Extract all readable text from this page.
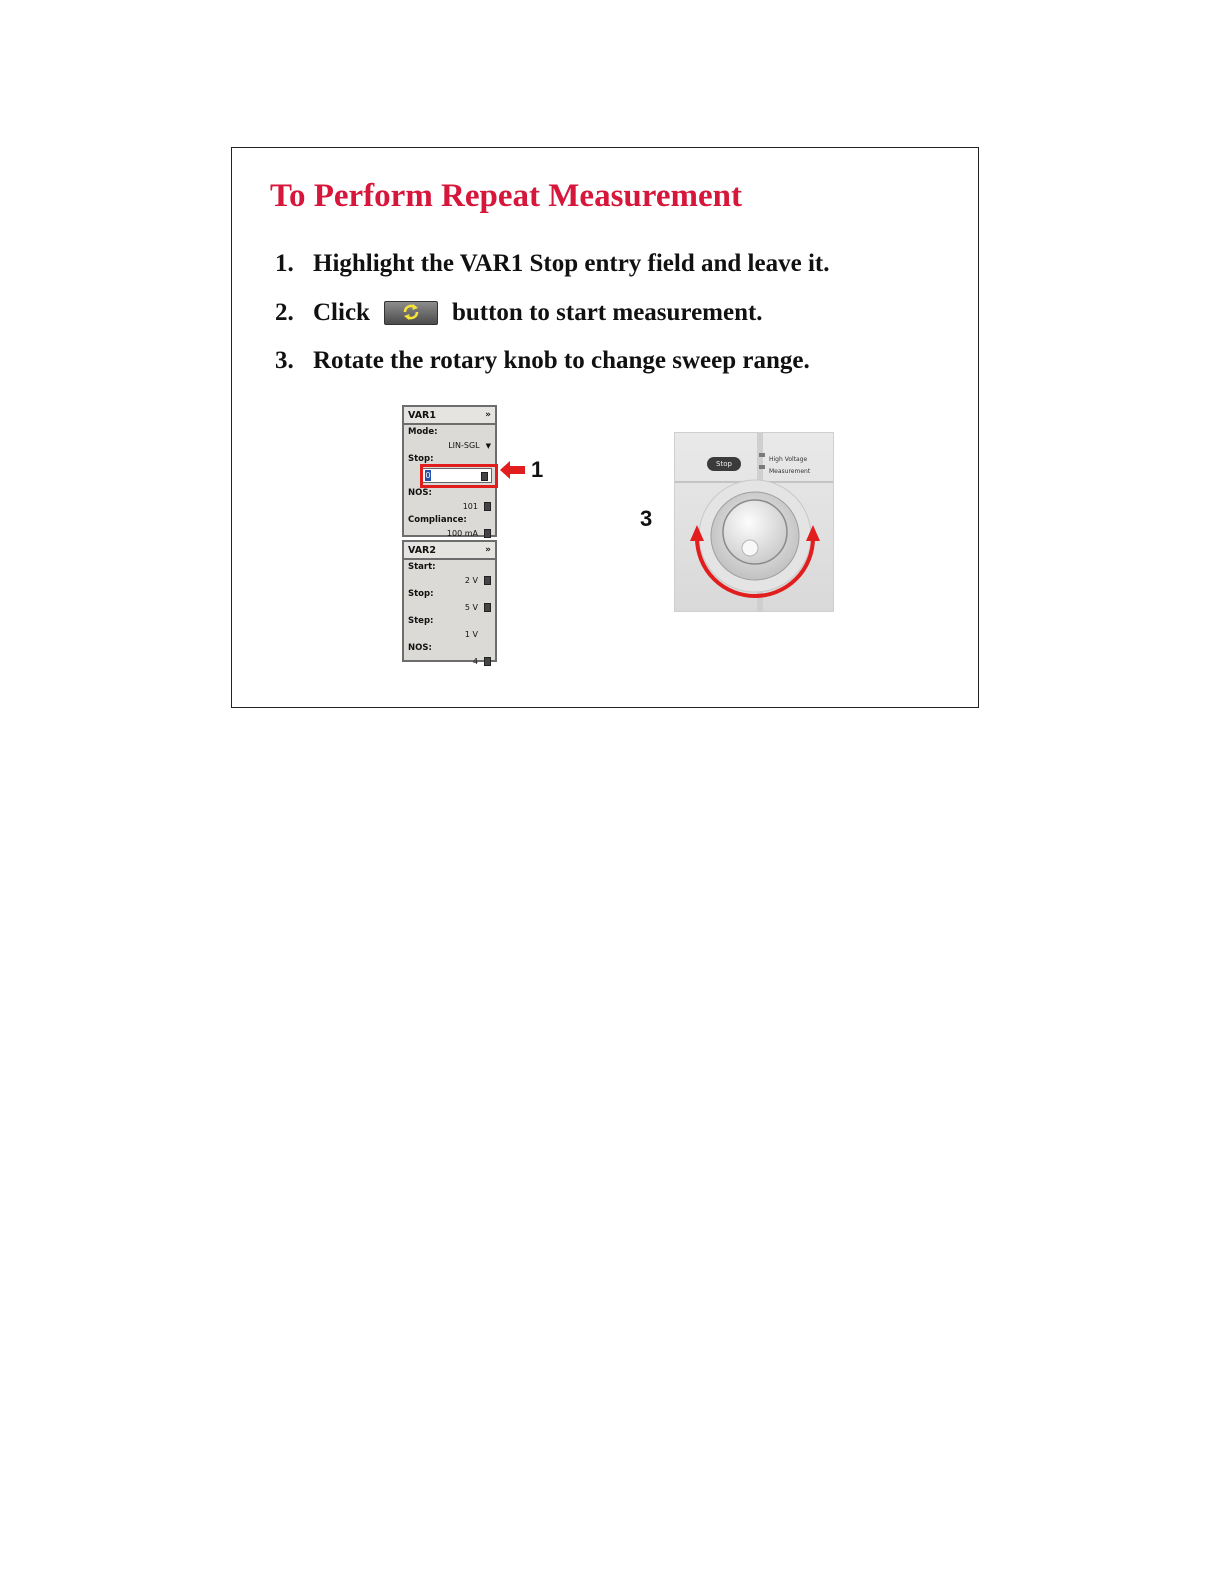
To Perform Repeat Measurement
1. Highlight the VAR1 Stop entry field and leave it.
2. Click	button to start measurement.
3. Rotate the rotary knob to change sweep range.
VAR1	»
Mode:
LIN-SGL ▼
Stop:
0
NOS:
101
Compliance:
100 mA
VAR2	»
Start:
2 V
Stop:
5 V
Step:
1 V
NOS:
4
1
3
Stop
High Voltage
Measurement
